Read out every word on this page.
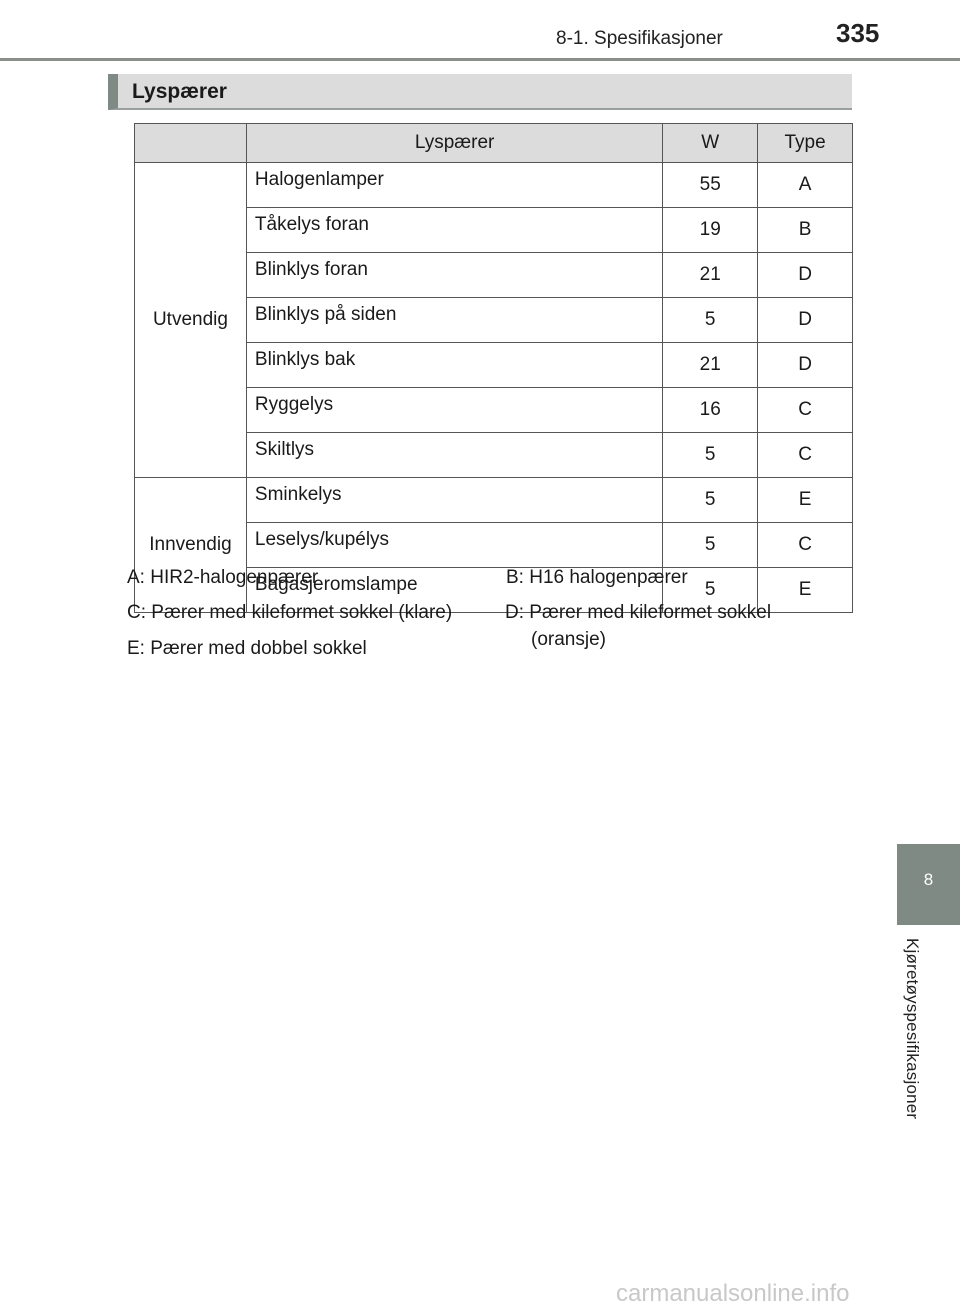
8-1. Spesifikasjoner	335
Lyspærer
	Lyspærer	W	Type
Utvendig	Halogenlamper	55	A
	Tåkelys foran	19	B
	Blinklys foran	21	D
	Blinklys på siden	5	D
	Blinklys bak	21	D
	Ryggelys	16	C
	Skiltlys	5	C
Innvendig	Sminkelys	5	E
	Leselys/kupélys	5	C
	Bagasjeromslampe	5	E
A: HIR2-halogenpærer	B: H16 halogenpærer
C: Pærer med kileformet sokkel (klare)	D: Pærer med kileformet sokkel
(oransje)
E: Pærer med dobbel sokkel
8
Kjøretøyspesifikasjoner
carmanualsonline.info
